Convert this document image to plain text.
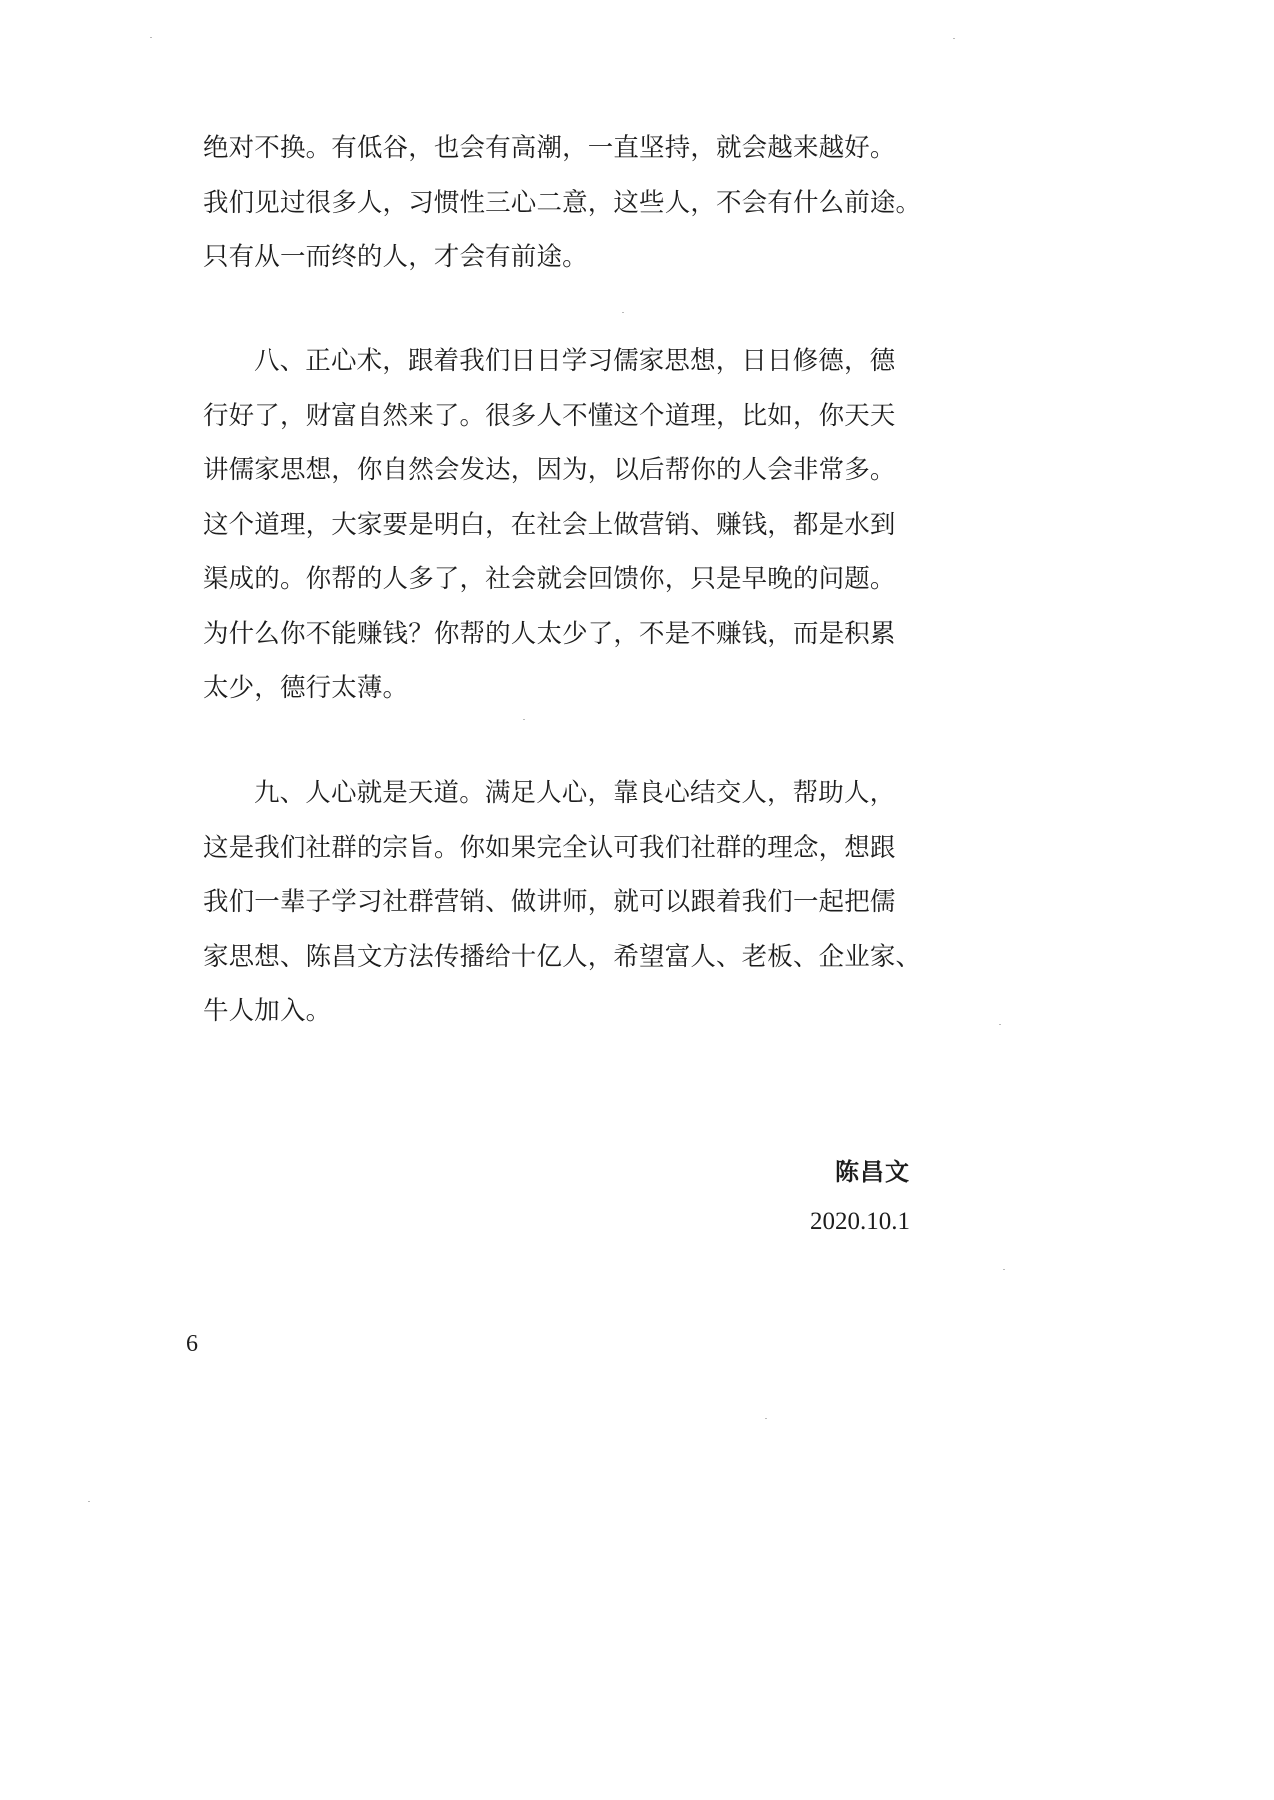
绝对不换。有低谷，也会有高潮，一直坚持，就会越来越好。
我们见过很多人，习惯性三心二意，这些人，不会有什么前途。
只有从一而终的人，才会有前途。
八、正心术，跟着我们日日学习儒家思想，日日修德，德
行好了，财富自然来了。很多人不懂这个道理，比如，你天天
讲儒家思想，你自然会发达，因为，以后帮你的人会非常多。
这个道理，大家要是明白，在社会上做营销、赚钱，都是水到
渠成的。你帮的人多了，社会就会回馈你，只是早晚的问题。
为什么你不能赚钱？你帮的人太少了，不是不赚钱，而是积累
太少，德行太薄。
九、人心就是天道。满足人心，靠良心结交人，帮助人，
这是我们社群的宗旨。你如果完全认可我们社群的理念，想跟
我们一辈子学习社群营销、做讲师，就可以跟着我们一起把儒
家思想、陈昌文方法传播给十亿人，希望富人、老板、企业家、
牛人加入。
陈昌文
2020.10.1
6
